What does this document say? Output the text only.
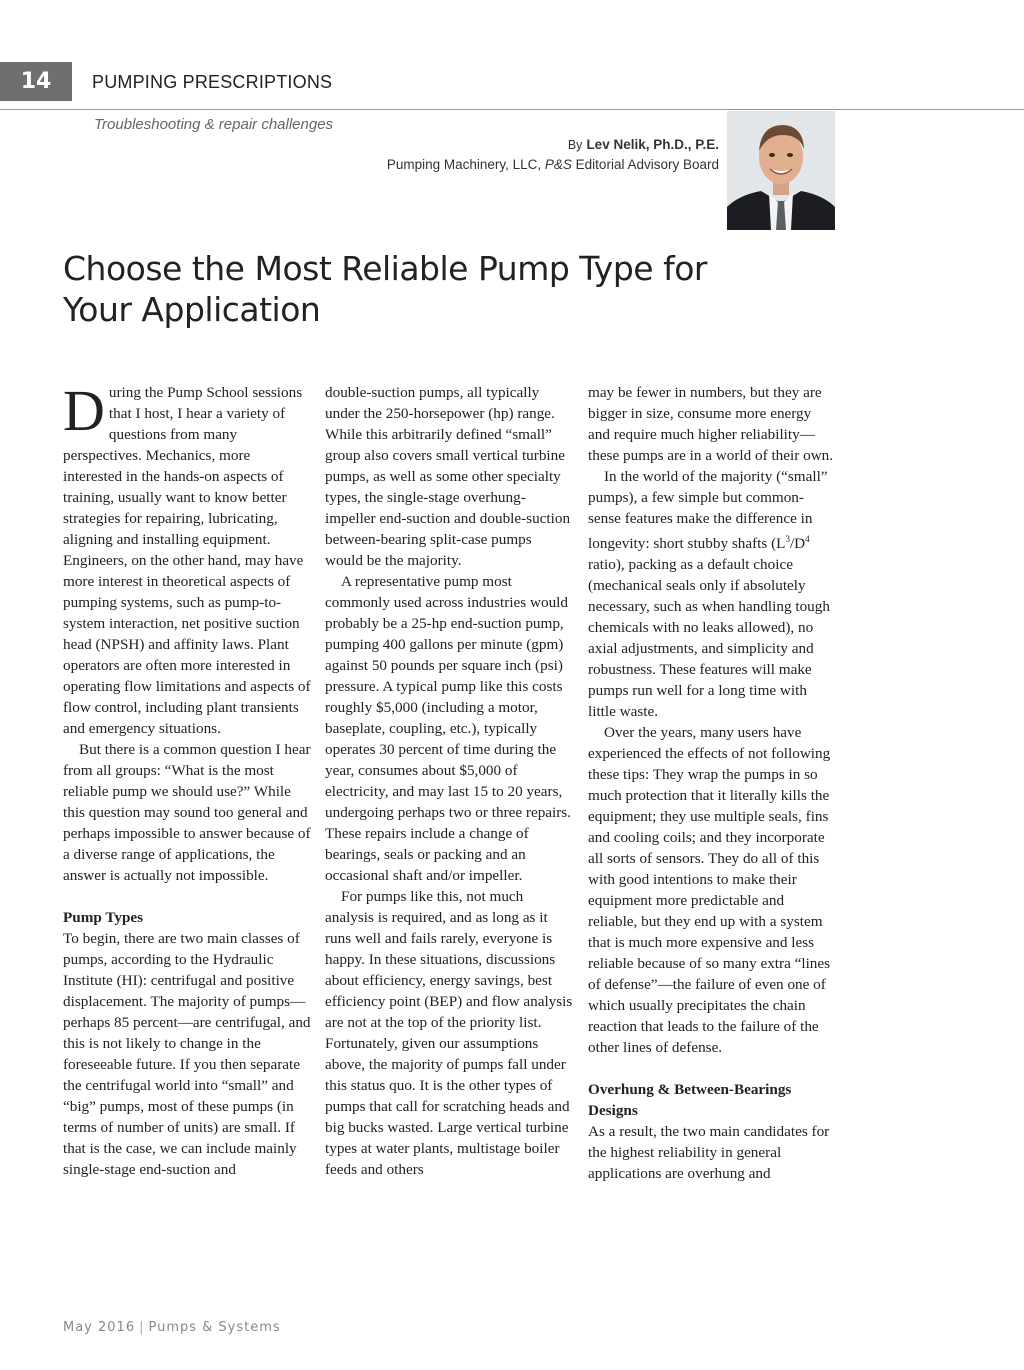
14	PUMPING PRESCRIPTIONS
Troubleshooting & repair challenges
By Lev Nelik, Ph.D., P.E.
Pumping Machinery, LLC, P&S Editorial Advisory Board
Choose the Most Reliable Pump Type for Your Application

During the Pump School sessions that I host, I hear a variety of questions from many perspectives. Mechanics, more interested in the hands-on aspects of training, usually want to know better strategies for repairing, lubricating, aligning and installing equipment. Engineers, on the other hand, may have more interest in theoretical aspects of pumping systems, such as pump-to-system interaction, net positive suction head (NPSH) and affinity laws. Plant operators are often more interested in operating flow limitations and aspects of flow control, including plant transients and emergency situations.

But there is a common question I hear from all groups: “What is the most reliable pump we should use?” While this question may sound too general and perhaps impossible to answer because of a diverse range of applications, the answer is actually not impossible.

Pump Types

To begin, there are two main classes of pumps, according to the Hydraulic Institute (HI): centrifugal and positive displacement. The majority of pumps—perhaps 85 percent—are centrifugal, and this is not likely to change in the foreseeable future. If you then separate the centrifugal world into “small” and “big” pumps, most of these pumps (in terms of number of units) are small. If that is the case, we can include mainly single-stage end-suction and

double-suction pumps, all typically under the 250-horsepower (hp) range. While this arbitrarily defined “small” group also covers small vertical turbine pumps, as well as some other specialty types, the single-stage overhung-impeller end-suction and double-suction between-bearing split-case pumps would be the majority.

A representative pump most commonly used across industries would probably be a 25-hp end-suction pump, pumping 400 gallons per minute (gpm) against 50 pounds per square inch (psi) pressure. A typical pump like this costs roughly $5,000 (including a motor, baseplate, coupling, etc.), typically operates 30 percent of time during the year, consumes about $5,000 of electricity, and may last 15 to 20 years, undergoing perhaps two or three repairs. These repairs include a change of bearings, seals or packing and an occasional shaft and/or impeller.

For pumps like this, not much analysis is required, and as long as it runs well and fails rarely, everyone is happy. In these situations, discussions about efficiency, energy savings, best efficiency point (BEP) and flow analysis are not at the top of the priority list. Fortunately, given our assumptions above, the majority of pumps fall under this status quo. It is the other types of pumps that call for scratching heads and big bucks wasted. Large vertical turbine types at water plants, multistage boiler feeds and others

may be fewer in numbers, but they are bigger in size, consume more energy and require much higher reliability—these pumps are in a world of their own.

In the world of the majority (“small” pumps), a few simple but common-sense features make the difference in longevity: short stubby shafts ($L^3/D^4$ ratio), packing as a default choice (mechanical seals only if absolutely necessary, such as when handling tough chemicals with no leaks allowed), no axial adjustments, and simplicity and robustness. These features will make pumps run well for a long time with little waste.

Over the years, many users have experienced the effects of not following these tips: They wrap the pumps in so much protection that it literally kills the equipment; they use multiple seals, fins and cooling coils; and they incorporate all sorts of sensors. They do all of this with good intentions to make their equipment more predictable and reliable, but they end up with a system that is much more expensive and less reliable because of so many extra “lines of defense”—the failure of even one of which usually precipitates the chain reaction that leads to the failure of the other lines of defense.

Overhung & Between-Bearings Designs

As a result, the two main candidates for the highest reliability in general applications are overhung and

May 2016 | Pumps & Systems
